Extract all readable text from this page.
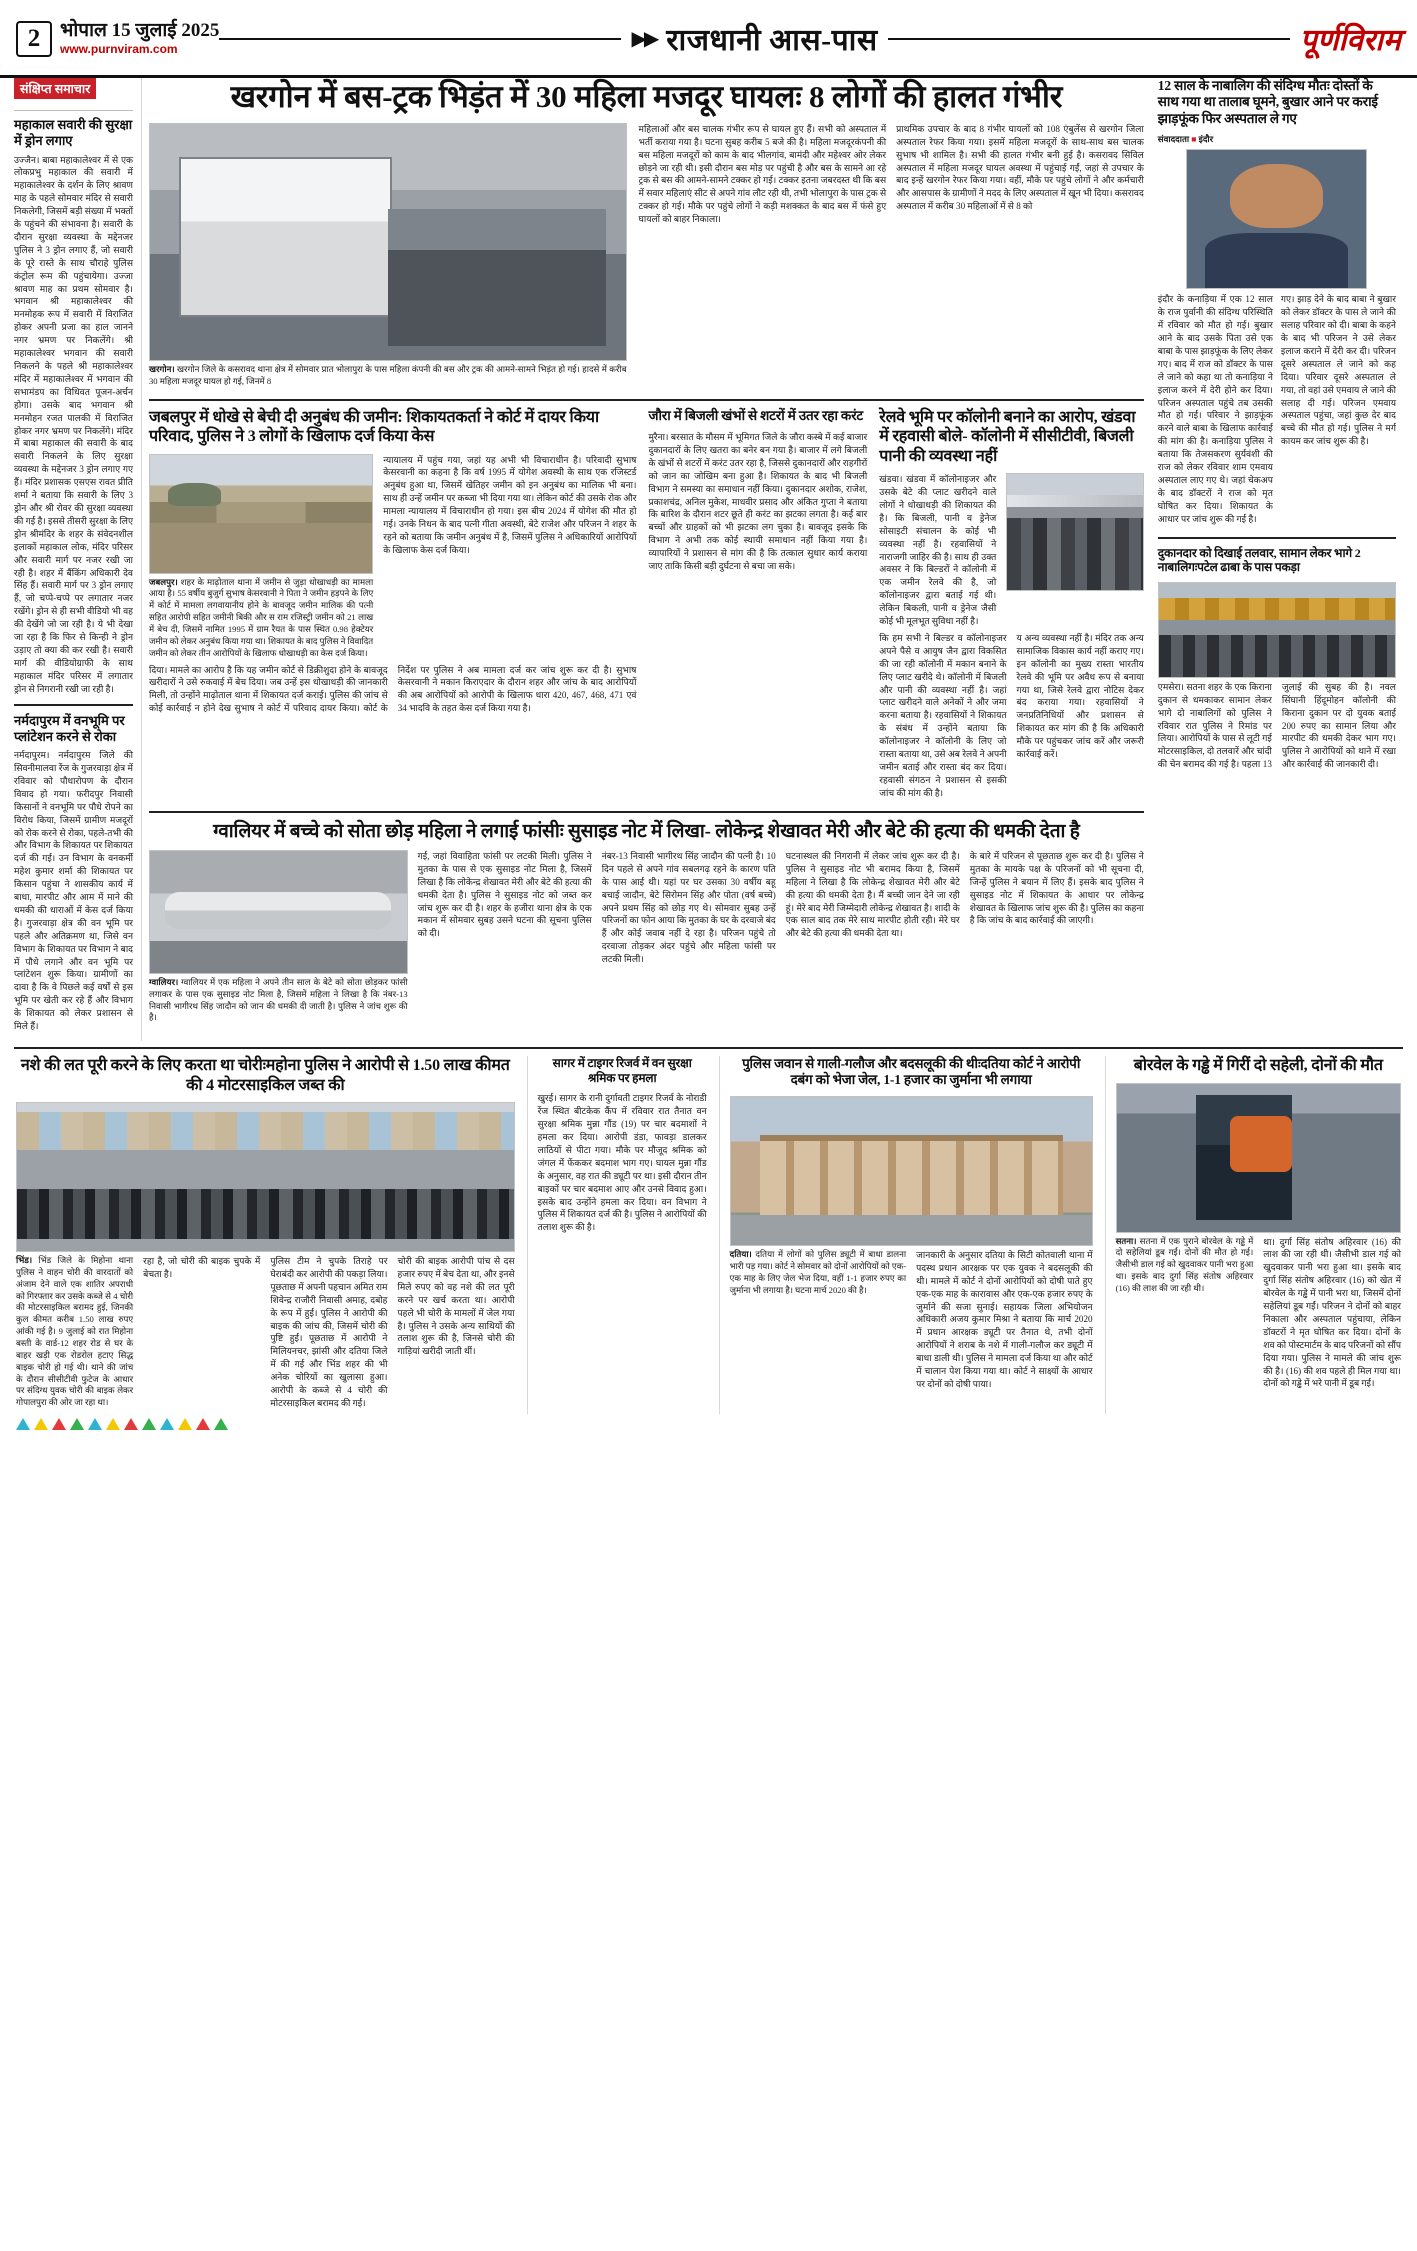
2	भोपाल 15 जुलाई 2025
www.purnviram.com	▶▶ राजधानी आस-पास	पूर्णविराम
संक्षिप्त समाचार
महाकाल सवारी की सुरक्षा में ड्रोन लगाए

उज्जैन। बाबा महाकालेश्वर में से एक लोकप्रभु महाकाल की सवारी में महाकालेश्वर के दर्शन के लिए श्रावण माह के पहले सोमवार मंदिर से सवारी निकलेगी, जिसमें बड़ी संख्या में भक्तों के पहुंचने की संभावना है। सवारी के दौरान सुरक्षा व्यवस्था के मद्देनजर पुलिस ने 3 ड्रोन लगाए हैं, जो सवारी के पूरे रास्ते के साथ चौराहे पुलिस कंट्रोल रूम की पहुंचायेगा। उज्जा श्रावण माह का प्रथम सोमवार है। भगवान श्री महाकालेश्वर की मनमोहक रूप में सवारी में विराजित होकर अपनी प्रजा का हाल जानने नगर भ्रमण पर निकलेंगे। श्री महाकालेश्वर भगवान की सवारी निकलने के पहले श्री महाकालेश्वर मंदिर में महाकालेश्वर में भगवान की सभामंडप का विधिवत पूजन-अर्चन होगा। उसके बाद भगवान श्री मनमोहन रजत पालकी में विराजित होकर नगर भ्रमण पर निकलेंगे। मंदिर में बाबा महाकाल की सवारी के बाद सवारी निकलने के लिए सुरक्षा व्यवस्था के मद्देनजर 3 ड्रोन लगाए गए हैं। मंदिर प्रशासक एसएस रावत प्रीति शर्मा ने बताया कि सवारी के लिए 3 ड्रोन और श्री रोवर की सुरक्षा व्यवस्था की गई है। इससे तीसरी सुरक्षा के लिए ड्रोन श्रीमंदिर के शहर के संवेदनशील इलाकों महाकाल लोक, मंदिर परिसर और सवारी मार्ग पर नजर रखी जा रही है। शहर में बैंकिंग अधिकारी देव सिंह हैं। सवारी मार्ग पर 3 ड्रोन लगाए हैं, जो चप्पे-चप्पे पर लगातार नजर रखेंगे। ड्रोन से ही सभी वीडियो भी वह की देखेंगे जो जा रही है। ये भी देखा जा रहा है कि फिर से किन्ही ने ड्रोन उड़ाए तो क्या की कर रखी है। सवारी मार्ग की वीडियोग्राफी के साथ महाकाल मंदिर परिसर में लगातार ड्रोन से निगरानी रखी जा रही है।

नर्मदापुरम में वनभूमि पर प्लांटेशन करने से रोका

नर्मदापुरम। नर्मदापुरम जिले की सिवनीमालवा रेंज के गुजरवाड़ा क्षेत्र में रविवार को पौधारोपण के दौरान विवाद हो गया। फरीदपुर निवासी किसानों ने वनभूमि पर पौधे रोपने का विरोध किया, जिसमें ग्रामीण मजदूरों को रोक करने से रोका, पहले-तभी की और विभाग के शिकायत पर शिकायत दर्ज की गई। उन विभाग के वनकर्मी महेश कुमार शर्मा की शिकायत पर किसान पहुंचा ने शासकीय कार्य में बाधा, मारपीट और आम में माने की धमकी की धाराओं में केस दर्ज किया है। गुजरवाड़ा क्षेत्र की वन भूमि पर पहले और अतिक्रमण था, जिसे वन विभाग के शिकायत पर विभाग ने बाद में पौधे लगाने और वन भूमि पर प्लांटेशन शुरू किया। ग्रामीणों का दावा है कि वे पिछले कई वर्षों से इस भूमि पर खेती कर रहे हैं और विभाग के शिकायत को लेकर प्रशासन से मिले हैं।

खरगोन में बस-ट्रक भिड़ंत में 30 महिला मजदूर घायलः 8 लोगों की हालत गंभीर

खरगोन। खरगोन जिले के कसरावद थाना क्षेत्र में सोमवार प्रात भोलापुरा के पास महिला कंपनी की बस और ट्रक की आमने-सामने भिड़ंत हो गई। हादसे में करीब 30 महिला मजदूर घायल हो गई, जिनमें 8

महिलाओं और बस चालक गंभीर रूप से घायल हुए हैं। सभी को अस्पताल में भर्ती कराया गया है। घटना सुबह करीब 5 बजे की है। महिला मजदूरकंपनी की बस महिला मजदूरों को काम के बाद भीलगांव, बामंदी और महेश्वर ओर लेकर छोड़ने जा रही थी। इसी दौरान बस मोड़ पर पहुंची है और बस के सामने आ रहे ट्रक से बस की आमने-सामने टक्कर हो गई। टक्कर इतना जबरदस्त थी कि बस में सवार महिलाएं सीट से अपने गांव लौट रही थी, तभी भोलापुरा के पास ट्रक से टक्कर हो गई। मौके पर पहुंचे लोगों ने कड़ी मशक्कत के बाद बस में फंसे हुए घायलों को बाहर निकाला।

प्राथमिक उपचार के बाद 8 गंभीर घायलों को 108 एंबुलेंस से खरगोन जिला अस्पताल रेफर किया गया। इसमें महिला मजदूरों के साथ-साथ बस चालक सुभाष भी शामिल है। सभी की हालत गंभीर बनी हुई है। कसरावद सिविल अस्पताल में महिला मजदूर घायल अवस्था में पहुंचाई गईं, जहां से उपचार के बाद इन्हें खरगोन रेफर किया गया। वहीं, मौके पर पहुंचे लोगों ने और कर्मचारी और आसपास के ग्रामीणों ने मदद के लिए अस्पताल में खून भी दिया। कसरावद अस्पताल में करीब 30 महिलाओं में से 8 को

जबलपुर में धोखे से बेची दी अनुबंध की जमीन: शिकायतकर्ता ने कोर्ट में दायर किया परिवाद, पुलिस ने 3 लोगों के खिलाफ दर्ज किया केस

जबलपुर। शहर के माढ़ोताल थाना में जमीन से जुड़ा धोखाधड़ी का मामला आया है। 55 वर्षीय बुजुर्ग सुभाष केसरवानी ने पिता ने जमीन हड़पने के लिए में कोर्ट में मामला लगवायानीय होने के बावजूद जमीन मालिक की पत्नी सहित आरोपी सहित जमीनी बिकी और स राम रजिस्ट्री जमीन को 21 लाख में बेच दी, जिसमें नामित 1995 में ग्राम रैयत के पास स्थित 0.98 हेक्टेयर जमीन को लेकर अनुबंध किया गया था। शिकायत के बाद पुलिस ने विवादित जमीन को लेकर तीन आरोपियों के खिलाफ धोखाधड़ी का केस दर्ज किया।

न्यायालय में पहुंच गया, जहां यह अभी भी विचाराधीन है। परिवादी सुभाष केसरवानी का कहना है कि वर्ष 1995 में योगेश अवस्थी के साथ एक रजिस्टर्ड अनुबंध हुआ था, जिसमें खेतिहर जमीन को इन अनुबंध का मालिक भी बना। साथ ही उन्हें जमीन पर कब्जा भी दिया गया था। लेकिन कोर्ट की उसके रोक और मामला न्यायालय में विचाराधीन हो गया। इस बीच 2024 में योगेश की मौत हो गई। उनके निधन के बाद पत्नी गीता अवस्थी, बेटे राजेश और परिजन ने शहर के रहने को बताया कि जमीन अनुबंध में है, जिसमें पुलिस ने अधिकारियों आरोपियों के खिलाफ केस दर्ज किया।

दिया। मामले का आरोप है कि यह जमीन कोर्ट से डिक्रीशुदा होने के बावजूद खरीदारों ने उसे रुकवाई में बेच दिया। जब उन्हें इस धोखाधड़ी की जानकारी मिली, तो उन्होंने माढ़ोताल थाना में शिकायत दर्ज कराई। पुलिस की जांच से कोई कार्रवाई न होने देख सुभाष ने कोर्ट में परिवाद दायर किया। कोर्ट के निर्देश पर पुलिस ने अब मामला दर्ज कर जांच शुरू कर दी है। सुभाष केसरवानी ने मकान किराएदार के दौरान शहर और जांच के बाद आरोपियों की अब आरोपियों को आरोपी के खिलाफ धारा 420, 467, 468, 471 एवं 34 भादवि के तहत केस दर्ज किया गया है।

जौरा में बिजली खंभों से शटरों में उतर रहा करंट

मुरैना। बरसात के मौसम में भूमिगत जिले के जौरा कस्बे में कई बाजार दुकानदारों के लिए खतरा का बनेर बन गया है। बाजार में लगे बिजली के खंभों से शटरों में करंट उतर रहा है, जिससे दुकानदारों और राहगीरों को जान का जोखिम बना हुआ है। शिकायत के बाद भी बिजली विभाग ने समस्या का समाधान नहीं किया। दुकानदार अशोक, राजेश, प्रकाशचंद्र, अनिल मुकेश, माधवीर प्रसाद और अंकित गुप्ता ने बताया कि बारिश के दौरान शटर छूते ही करंट का झटका लगता है। कई बार बच्चों और ग्राहकों को भी झटका लग चुका है। बावजूद इसके कि विभाग ने अभी तक कोई स्थायी समाधान नहीं किया गया है। व्यापारियों ने प्रशासन से मांग की है कि तत्काल सुधार कार्य कराया जाए ताकि किसी बड़ी दुर्घटना से बचा जा सके।

रेलवे भूमि पर कॉलोनी बनाने का आरोप, खंडवा में रहवासी बोले- कॉलोनी में सीसीटीवी, बिजली पानी की व्यवस्था नहीं

खंडवा। खंडवा में कॉलोनाइजर और उसके बेटे की प्लाट खरीदने वाले लोगों ने धोखाधड़ी की शिकायत की है। कि बिजली, पानी व ड्रेनेज सोसाइटी संचालन के कोई भी व्यवस्था नहीं है। रहवासियों ने नाराजगी जाहिर की है। साथ ही उक्त अवसर ने कि बिल्डरों ने कॉलोनी में एक जमीन रेलवे की है, जो कॉलोनाइजर द्वारा बताई गई थी। लेकिन बिकली, पानी व ड्रेनेज जैसी कोई भी मूलभूत सुविधा नहीं है।

कि हम सभी ने बिल्डर व कॉलोनाइजर अपने पैसे व आयुष जैन द्वारा विकसित की जा रही कॉलोनी में मकान बनाने के लिए प्लाट खरीदे थे। कॉलोनी में बिजली और पानी की व्यवस्था नहीं है। जहां प्लाट खरीदने वाले अनेकों ने और जमा करना बताया है। रहवासियों ने शिकायत के संबंध में उन्होंने बताया कि कॉलोनाइजर ने कॉलोनी के लिए जो रास्ता बताया था, उसे अब रेलवे ने अपनी जमीन बताई और रास्ता बंद कर दिया। रहवासी संगठन ने प्रशासन से इसकी जांच की मांग की है।

य अन्य व्यवस्था नहीं है। मंदिर तक अन्य सामाजिक विकास कार्य नहीं कराए गए। इन कॉलोनी का मुख्य रास्ता भारतीय रेलवे की भूमि पर अवैध रूप से बनाया गया था, जिसे रेलवे द्वारा नोटिस देकर बंद कराया गया। रहवासियों ने जनप्रतिनिधियों और प्रशासन से शिकायत कर मांग की है कि अधिकारी मौके पर पहुंचकर जांच करें और जरूरी कार्रवाई करें।

ग्वालियर में बच्चे को सोता छोड़ महिला ने लगाई फांसीः सुसाइड नोट में लिखा- लोकेन्द्र शेखावत मेरी और बेटे की हत्या की धमकी देता है

ग्वालियर। ग्वालियर में एक महिला ने अपने तीन साल के बेटे को सोता छोड़कर फांसी लगाकर के पास एक सुसाइड नोट मिला है, जिसमें महिला ने लिखा है कि नंबर-13 निवासी भागीरथ सिंह जादौन को जान की धमकी दी जाती है। पुलिस ने जांच शुरू की है।

गई, जहां विवाहिता फांसी पर लटकी मिली। पुलिस ने मुतका के पास से एक सुसाइड नोट मिला है, जिसमें लिखा है कि लोकेन्द्र शेखावत मेरी और बेटे की हत्या की धमकी देता है। पुलिस ने सुसाइड नोट को जब्त कर जांच शुरू कर दी है। शहर के हजीरा थाना क्षेत्र के एक मकान में सोमवार सुबह उसने घटना की सूचना पुलिस को दी।

नंबर-13 निवासी भागीरथ सिंह जादौन की पत्नी है। 10 दिन पहले से अपने गांव सबलगढ़ रहने के कारण पति के पास आई थी। यहां पर घर उसका 30 वर्षीय बहू बचाई जादौन, बेटे सिरोमन सिंह और पोता (वर्ष बच्चे) अपने प्रथम सिंह को छोड़ गए थे। सोमवार सुबह उन्हें परिजनों का फोन आया कि मुतका के घर के दरवाजे बंद हैं और कोई जवाब नहीं दे रहा है। परिजन पहुंचे तो दरवाजा तोड़कर अंदर पहुंचे और महिला फांसी पर लटकी मिली।

घटनास्थल की निगरानी में लेकर जांच शुरू कर दी है। पुलिस ने सुसाइड नोट भी बरामद किया है, जिसमें महिला ने लिखा है कि लोकेन्द्र शेखावत मेरी और बेटे की हत्या की धमकी देता है। मैं बच्ची जान देने जा रही हूं। मेरे बाद मेरी जिम्मेदारी लोकेन्द्र शेखावत है। शादी के एक साल बाद तक मेरे साथ मारपीट होती रही। मेरे घर और बेटे की हत्या की धमकी देता था।

के बारे में परिजन से पूछताछ शुरू कर दी है। पुलिस ने मुतका के मायके पक्ष के परिजनों को भी सूचना दी, जिन्हें पुलिस ने बयान में लिए हैं। इसके बाद पुलिस ने सुसाइड नोट में शिकायत के आधार पर लोकेन्द्र शेखावत के खिलाफ जांच शुरू की है। पुलिस का कहना है कि जांच के बाद कार्रवाई की जाएगी।

12 साल के नाबालिग की संदिग्ध मौतः दोस्तों के साथ गया था तालाब घूमने, बुखार आने पर कराई झाड़फूंक फिर अस्पताल ले गए

संवाददाता ■ इंदौर

इंदौर के कनाड़िया में एक 12 साल के राज पुर्वानी की संदिग्ध परिस्थिति में रविवार को मौत हो गई। बुखार आने के बाद उसके पिता उसे एक बाबा के पास झाड़फूंक के लिए लेकर गए। बाद में राज को डॉक्टर के पास ले जाने को कहा था तो कनाड़िया ने इलाज करने में देरी होने कर दिया। परिजन अस्पताल पहुंचे तब उसकी मौत हो गई। परिवार ने झाड़फूंक करने वाले बाबा के खिलाफ कार्रवाई की मांग की है। कनाड़िया पुलिस ने बताया कि तेजसकरण सुर्यवंशी की राज को लेकर रविवार शाम एमवाय अस्पताल लाए गए थे। जहां चेकअप के बाद डॉक्टरों ने राज को मृत घोषित कर दिया। शिकायत के आधार पर जांच शुरू की गई है।

गए। झाड़ देने के बाद बाबा ने बुखार को लेकर डॉक्टर के पास ले जाने की सलाह परिवार को दी। बाबा के कहने के बाद भी परिजन ने उसे लेकर इलाज कराने में देरी कर दी। परिजन दूसरे अस्पताल ले जाने को कह दिया। परिवार दूसरे अस्पताल ले गया, तो वहां उसे एमवाय ले जाने की सलाह दी गई। परिजन एमवाय अस्पताल पहुंचा, जहां कुछ देर बाद बच्चे की मौत हो गई। पुलिस ने मर्ग कायम कर जांच शुरू की है।

दुकानदार को दिखाई तलवार, सामान लेकर भागे 2 नाबालिगःपटेल ढाबा के पास पकड़ा

एमसेरा। सतना शहर के एक किराना दुकान से धमकाकर सामान लेकर भागे दो नाबालिगों को पुलिस ने रविवार रात पुलिस ने रिमांड पर लिया। आरोपियों के पास से लूटी गई मोटरसाइकिल, दो तलवारें और चांदी की चेन बरामद की गई है। पहला 13 जुलाई की सुबह की है। नवल सिंघानी हिंदूमोहन कॉलोनी की किराना दुकान पर दो युवक बताई 200 रुपए का सामान लिया और मारपीट की धमकी देकर भाग गए। पुलिस ने आरोपियों को थाने में रखा और कार्रवाई की जानकारी दी।

नशे की लत पूरी करने के लिए करता था चोरीःमहोना पुलिस ने आरोपी से 1.50 लाख कीमत की 4 मोटरसाइकिल जब्त की

भिंड। भिंड जिले के मिहोना थाना पुलिस ने वाहन चोरी की वारदातों को अंजाम देने वाले एक शातिर अपराधी को गिरफ्तार कर उसके कब्जे से 4 चोरी की मोटरसाइकिल बरामद हुई, जिनकी कुल कीमत करीब 1.50 लाख रुपए आंकी गई है। 9 जुलाई को रात मिहोना बस्ती के वार्ड-12 शहर रोड से घर के बाहर खड़ी एक रोडरोल हटाए सिद्ध बाइक चोरी हो गई थी। थाने की जांच के दौरान सीसीटीवी फुटेज के आधार पर संदिग्ध युवक चोरी की बाइक लेकर गोपालपुरा की ओर जा रहा था।

रहा है, जो चोरी की बाइक चुपके में बेचता है।

पुलिस टीम ने चुपके तिराहे पर घेराबंदी कर आरोपी की पकड़ा लिया। पूछताछ में अपनी पहचान अमित राम शिवेन्द्र राजौरी निवासी अमाह, दबोह के रूप में हुई। पुलिस ने आरोपी की बाइक की जांच की, जिसमें चोरी की पुष्टि हुई। पूछताछ में आरोपी ने मिलियनचर, झांसी और दतिया जिले में की गई और भिंड शहर की भी अनेक चोरियों का खुलासा हुआ। आरोपी के कब्जे से 4 चोरी की मोटरसाइकिल बरामद की गई।

चोरी की बाइक आरोपी पांच से दस हजार रुपए में बेच देता था, और इनसे मिले रुपए को वह नशे की लत पूरी करने पर खर्च करता था। आरोपी पहले भी चोरी के मामलों में जेल गया है। पुलिस ने उसके अन्य साथियों की तलाश शुरू की है, जिनसे चोरी की गाड़ियां खरीदी जाती थीं।

सागर में टाइगर रिजर्व में वन सुरक्षा श्रमिक पर हमला

खुरई। सागर के रानी दुर्गावती टाइगर रिजर्व के नोराडी रेंज स्थित बीटकेक कैंप में रविवार रात तैनात वन सुरक्षा श्रमिक मुन्ना गौंड (19) पर चार बदमाशों ने हमला कर दिया। आरोपी डंडा, फावड़ा डालकर लाठियों से पीटा गया। मौके पर मौजूद श्रमिक को जंगल में फेंककर बदमाश भाग गए। घायल मुन्ना गौंड के अनुसार, वह रात की ड्यूटी पर था। इसी दौरान तीन बाइकों पर चार बदमाश आए और उनसे विवाद हुआ। इसके बाद उन्होंने हमला कर दिया। वन विभाग ने पुलिस में शिकायत दर्ज की है। पुलिस ने आरोपियों की तलाश शुरू की है।

पुलिस जवान से गाली-गलौज और बदसलूकी की थीःदतिया कोर्ट ने आरोपी दबंग को भेजा जेल, 1-1 हजार का जुर्माना भी लगाया

दतिया। दतिया में लोगों को पुलिस ड्यूटी में बाधा डालना भारी पड़ गया। कोर्ट ने सोमवार को दोनों आरोपियों को एक-एक माह के लिए जेल भेज दिया, वहीं 1-1 हजार रुपए का जुर्माना भी लगाया है। घटना मार्च 2020 की है।

जानकारी के अनुसार दतिया के सिटी कोतवाली थाना में पदस्थ प्रधान आरक्षक पर एक युवक ने बदसलूकी की थी। मामले में कोर्ट ने दोनों आरोपियों को दोषी पाते हुए एक-एक माह के कारावास और एक-एक हजार रुपए के जुर्माने की सजा सुनाई। सहायक जिला अभियोजन अधिकारी अजय कुमार मिश्रा ने बताया कि मार्च 2020 में प्रधान आरक्षक ड्यूटी पर तैनात थे, तभी दोनों आरोपियों ने शराब के नशे में गाली-गलौज कर ड्यूटी में बाधा डाली थी। पुलिस ने मामला दर्ज किया था और कोर्ट में चालान पेश किया गया था। कोर्ट ने साक्ष्यों के आधार पर दोनों को दोषी पाया।

बोरवेल के गड्ढे में गिरीं दो सहेली, दोनों की मौत

सतना। सतना में एक पुराने बोरवेल के गड्ढे में दो सहेलियां डूब गईं। दोनों की मौत हो गई। जैसीभी डाल गई को खुदवाकर पानी भरा हुआ था। इसके बाद दुर्गा सिंह संतोष अहिरवार (16) की लाश की जा रही थी।

था। दुर्गा सिंह संतोष अहिरवार (16) की लाश की जा रही थी। जैसीभी डाल गई को खुदवाकर पानी भरा हुआ था। इसके बाद दुर्गा सिंह संतोष अहिरवार (16) को खेत में बोरवेल के गड्ढे में पानी भरा था, जिसमें दोनों सहेलियां डूब गईं। परिजन ने दोनों को बाहर निकाला और अस्पताल पहुंचाया, लेकिन डॉक्टरों ने मृत घोषित कर दिया। दोनों के शव को पोस्टमार्टम के बाद परिजनों को सौंप दिया गया। पुलिस ने मामले की जांच शुरू की है। (16) की शव पहले ही मिल गया था। दोनों को गड्ढे में भरे पानी में डूब गई।
